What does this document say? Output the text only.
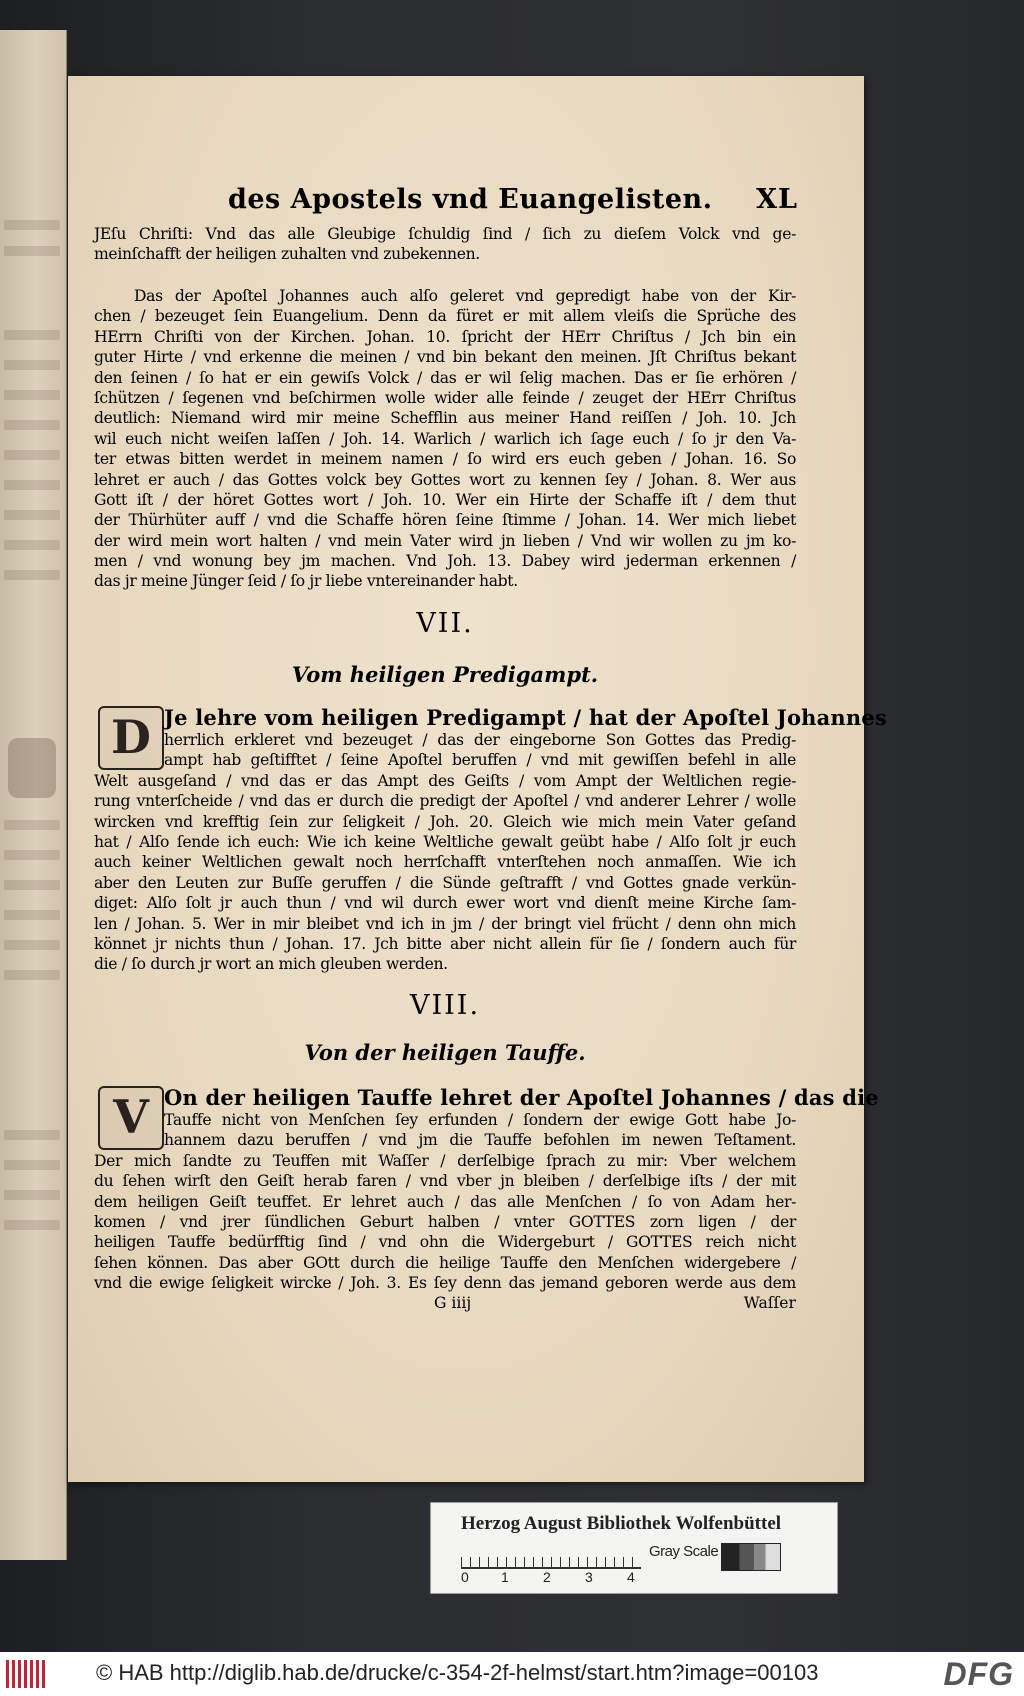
des Apostels vnd Euangelisten. XL
JEſu Chriſti: Vnd das alle Gleubige ſchuldig ſind / ſich zu dieſem Volck vnd ge-
meinſchafft der heiligen zuhalten vnd zubekennen.
Das der Apoſtel Johannes auch alſo geleret vnd gepredigt habe von der Kir-
chen / bezeuget ſein Euangelium. Denn da füret er mit allem vleiſs die Sprüche des
HErrn Chriſti von der Kirchen. Johan. 10. ſpricht der HErr Chriſtus / Jch bin ein
guter Hirte / vnd erkenne die meinen / vnd bin bekant den meinen. Jſt Chriſtus bekant
den ſeinen / ſo hat er ein gewiſs Volck / das er wil ſelig machen. Das er ſie erhören /
ſchützen / ſegenen vnd beſchirmen wolle wider alle feinde / zeuget der HErr Chriſtus
deutlich: Niemand wird mir meine Schefflin aus meiner Hand reiſſen / Joh. 10. Jch
wil euch nicht weiſen laſſen / Joh. 14. Warlich / warlich ich ſage euch / ſo jr den Va-
ter etwas bitten werdet in meinem namen / ſo wird ers euch geben / Johan. 16. So
lehret er auch / das Gottes volck bey Gottes wort zu kennen ſey / Johan. 8. Wer aus
Gott iſt / der höret Gottes wort / Joh. 10. Wer ein Hirte der Schaffe iſt / dem thut
der Thürhüter auff / vnd die Schaffe hören ſeine ſtimme / Johan. 14. Wer mich liebet
der wird mein wort halten / vnd mein Vater wird jn lieben / Vnd wir wollen zu jm ko-
men / vnd wonung bey jm machen. Vnd Joh. 13. Dabey wird jederman erkennen /
das jr meine Jünger ſeid / ſo jr liebe vntereinander habt.
VII.
Vom heiligen Predigampt.
D Je lehre vom heiligen Predigampt / hat der Apoſtel Johannes
herrlich erkleret vnd bezeuget / das der eingeborne Son Gottes das Predig-
ampt hab geſtifftet / ſeine Apoſtel beruffen / vnd mit gewiſſen befehl in alle
Welt ausgeſand / vnd das er das Ampt des Geiſts / vom Ampt der Weltlichen regie-
rung vnterſcheide / vnd das er durch die predigt der Apoſtel / vnd anderer Lehrer / wolle
wircken vnd krefftig ſein zur ſeligkeit / Joh. 20. Gleich wie mich mein Vater geſand
hat / Alſo ſende ich euch: Wie ich keine Weltliche gewalt geübt habe / Alſo ſolt jr euch
auch keiner Weltlichen gewalt noch herrſchafft vnterſtehen noch anmaſſen. Wie ich
aber den Leuten zur Buſſe geruffen / die Sünde geſtrafft / vnd Gottes gnade verkün-
diget: Alſo ſolt jr auch thun / vnd wil durch ewer wort vnd dienſt meine Kirche ſam-
len / Johan. 5. Wer in mir bleibet vnd ich in jm / der bringt viel frücht / denn ohn mich
könnet jr nichts thun / Johan. 17. Jch bitte aber nicht allein für ſie / ſondern auch für
die / ſo durch jr wort an mich gleuben werden.
VIII.
Von der heiligen Tauffe.
V On der heiligen Tauffe lehret der Apoſtel Johannes / das die
Tauffe nicht von Menſchen ſey erfunden / ſondern der ewige Gott habe Jo-
hannem dazu beruffen / vnd jm die Tauffe befohlen im newen Teſtament.
Der mich ſandte zu Teuffen mit Waſſer / derſelbige ſprach zu mir: Vber welchem
du ſehen wirſt den Geiſt herab faren / vnd vber jn bleiben / derſelbige iſts / der mit
dem heiligen Geiſt teuffet. Er lehret auch / das alle Menſchen / ſo von Adam her-
komen / vnd jrer ſündlichen Geburt halben / vnter GOTTES zorn ligen / der
heiligen Tauffe bedürfftig ſind / vnd ohn die Widergeburt / GOTTES reich nicht
ſehen können. Das aber GOtt durch die heilige Tauffe den Menſchen widergebere /
vnd die ewige ſeligkeit wircke / Joh. 3. Es ſey denn das jemand geboren werde aus dem
G iiij	Waſſer
Herzog August Bibliothek Wolfenbüttel
0 1 2 3 4
Gray Scale
© HAB http://diglib.hab.de/drucke/c-354-2f-helmst/start.htm?image=00103	DFG
